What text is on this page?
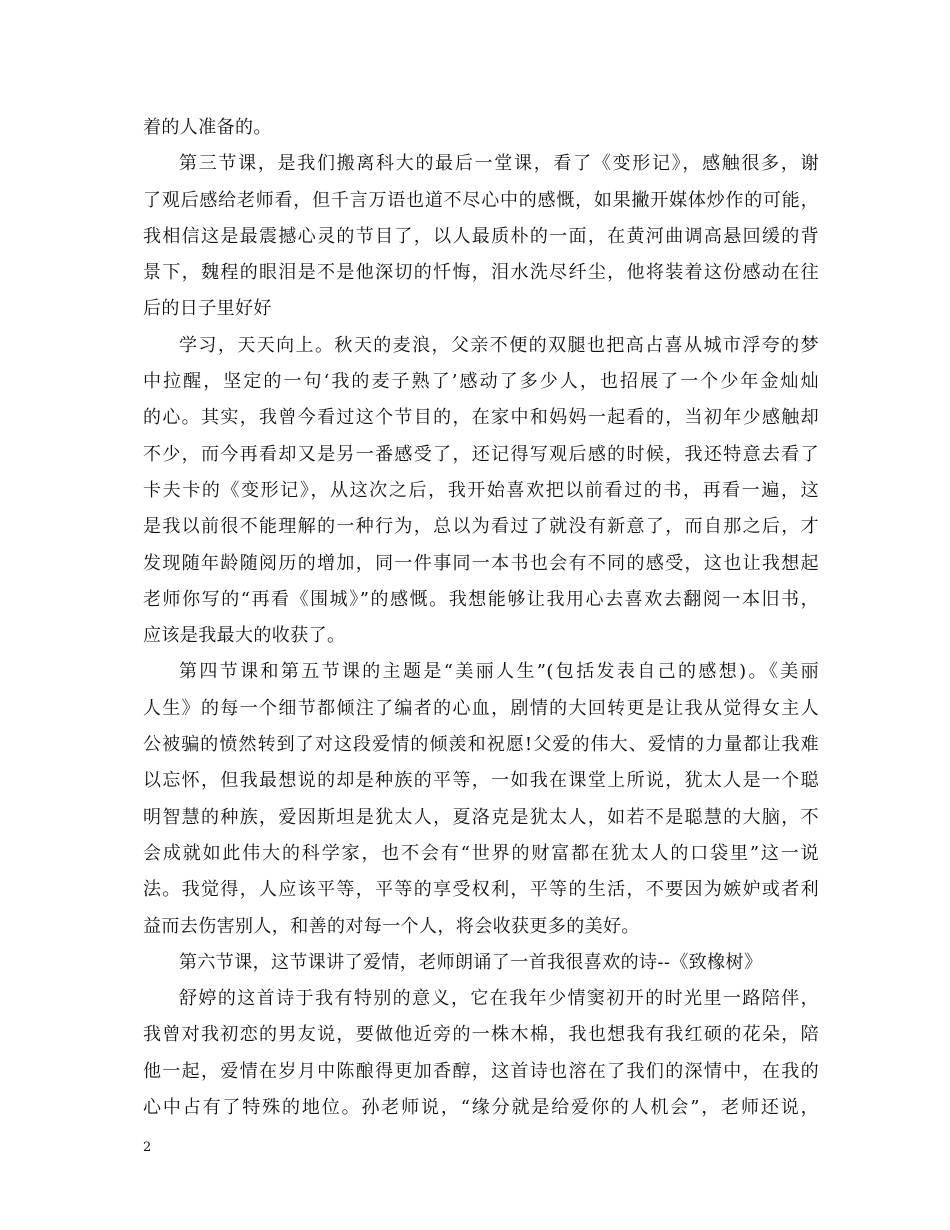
着的人准备的。
第三节课，是我们搬离科大的最后一堂课，看了《变形记》，感触很多，谢
了观后感给老师看，但千言万语也道不尽心中的感慨，如果撇开媒体炒作的可能，
我相信这是最震撼心灵的节目了，以人最质朴的一面，在黄河曲调高悬回缓的背
景下，魏程的眼泪是不是他深切的忏悔，泪水洗尽纤尘，他将装着这份感动在往
后的日子里好好
学习，天天向上。秋天的麦浪，父亲不便的双腿也把高占喜从城市浮夸的梦
中拉醒，坚定的一句‘我的麦子熟了’感动了多少人，也招展了一个少年金灿灿
的心。其实，我曾今看过这个节目的，在家中和妈妈一起看的，当初年少感触却
不少，而今再看却又是另一番感受了，还记得写观后感的时候，我还特意去看了
卡夫卡的《变形记》，从这次之后，我开始喜欢把以前看过的书，再看一遍，这
是我以前很不能理解的一种行为，总以为看过了就没有新意了，而自那之后，才
发现随年龄随阅历的增加，同一件事同一本书也会有不同的感受，这也让我想起
老师你写的“再看《围城》”的感慨。我想能够让我用心去喜欢去翻阅一本旧书，
应该是我最大的收获了。
第四节课和第五节课的主题是“美丽人生”(包括发表自己的感想)。《美丽
人生》的每一个细节都倾注了编者的心血，剧情的大回转更是让我从觉得女主人
公被骗的愤然转到了对这段爱情的倾羡和祝愿!父爱的伟大、爱情的力量都让我难
以忘怀，但我最想说的却是种族的平等，一如我在课堂上所说，犹太人是一个聪
明智慧的种族，爱因斯坦是犹太人，夏洛克是犹太人，如若不是聪慧的大脑，不
会成就如此伟大的科学家，也不会有“世界的财富都在犹太人的口袋里”这一说
法。我觉得，人应该平等，平等的享受权利，平等的生活，不要因为嫉妒或者利
益而去伤害别人，和善的对每一个人，将会收获更多的美好。
第六节课，这节课讲了爱情，老师朗诵了一首我很喜欢的诗--《致橡树》
舒婷的这首诗于我有特别的意义，它在我年少情窦初开的时光里一路陪伴，
我曾对我初恋的男友说，要做他近旁的一株木棉，我也想我有我红硕的花朵，陪
他一起，爱情在岁月中陈酿得更加香醇，这首诗也溶在了我们的深情中，在我的
心中占有了特殊的地位。孙老师说，“缘分就是给爱你的人机会”，老师还说，
2
